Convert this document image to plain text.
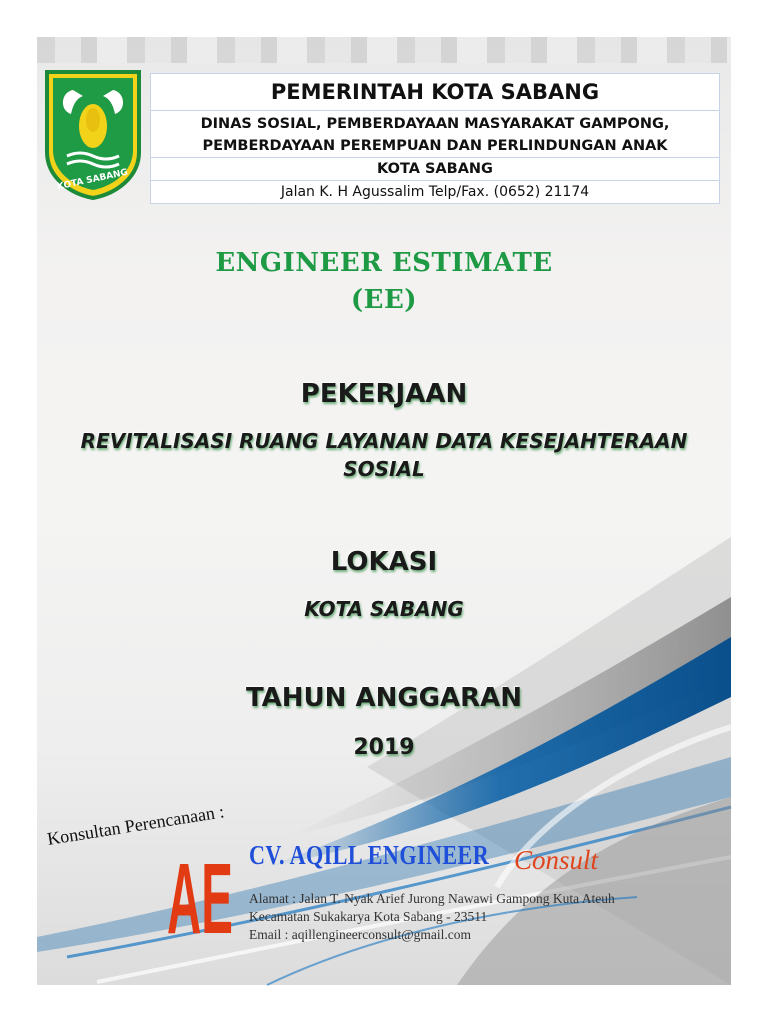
KOTA SABANG
PEMERINTAH KOTA SABANG

DINAS SOSIAL, PEMBERDAYAAN MASYARAKAT GAMPONG,
PEMBERDAYAAN PEREMPUAN DAN PERLINDUNGAN ANAK

KOTA SABANG
Jalan K. H Agussalim Telp/Fax. (0652) 21174
ENGINEER ESTIMATE
(EE)
PEKERJAAN
REVITALISASI RUANG LAYANAN DATA KESEJAHTERAAN
SOSIAL
LOKASI
KOTA SABANG
TAHUN ANGGARAN
2019
Konsultan Perencanaan :
AE CV. AQILL ENGINEER Consult
Alamat : Jalan T. Nyak Arief Jurong Nawawi Gampong Kuta Ateuh
Kecamatan Sukakarya Kota Sabang - 23511
Email : aqillengineerconsult@gmail.com
